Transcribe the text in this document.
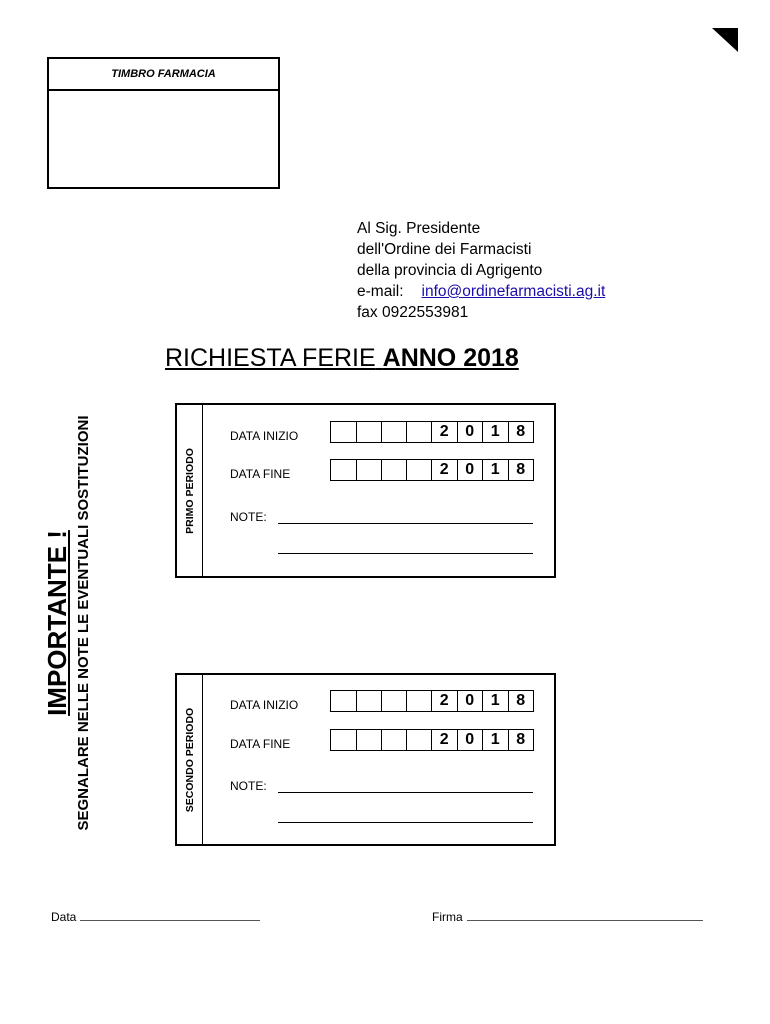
TIMBRO FARMACIA
Al Sig. Presidente
dell'Ordine dei Farmacisti
della provincia di Agrigento
e-mail: info@ordinefarmacisti.ag.it
fax 0922553981
RICHIESTA FERIE ANNO 2018
IMPORTANTE ! SEGNALARE NELLE NOTE LE EVENTUALI SOSTITUZIONI	PRIMO PERIODO
DATA INIZIO	2	0	1	8
DATA FINE	2	0	1	8
NOTE:
SECONDO PERIODO
DATA INIZIO	2	0	1	8
DATA FINE	2	0	1	8
NOTE:
Data	Firma
